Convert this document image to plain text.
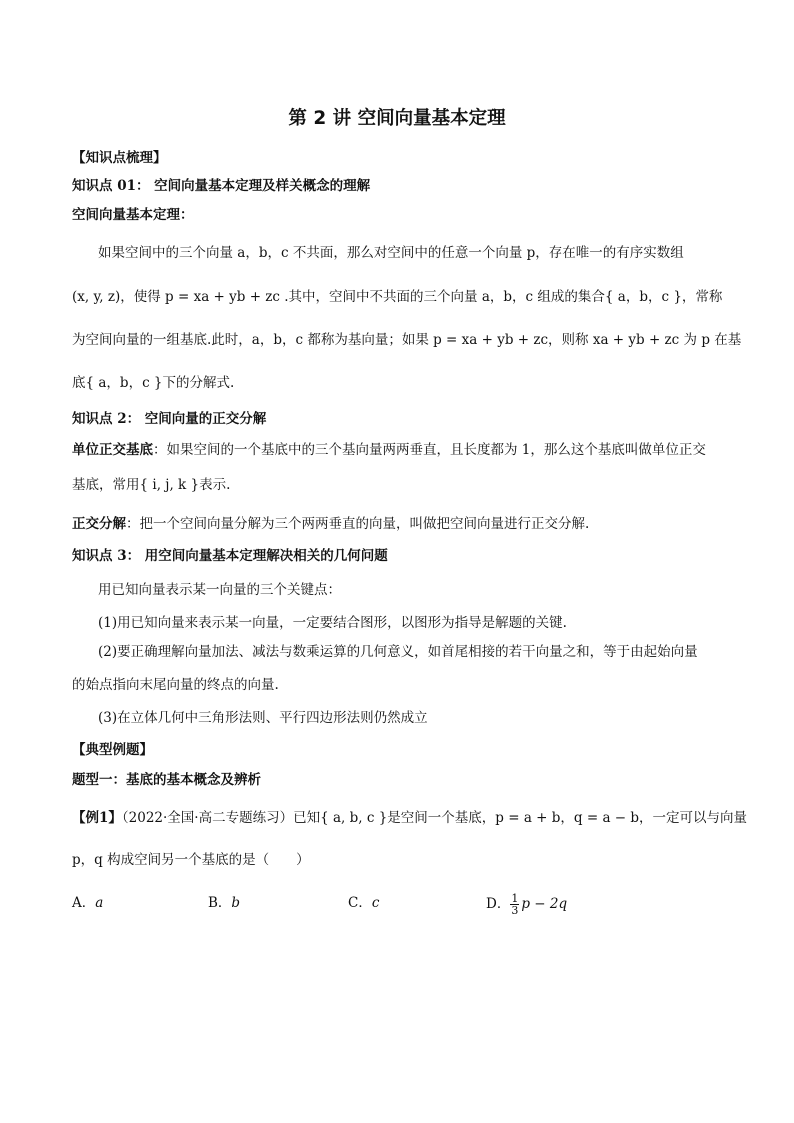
第 2 讲 空间向量基本定理
【知识点梳理】
知识点 01： 空间向量基本定理及样关概念的理解
空间向量基本定理：
如果空间中的三个向量 a，b，c 不共面，那么对空间中的任意一个向量 p，存在唯一的有序实数组
(x, y, z)，使得 p = xa + yb + zc .其中，空间中不共面的三个向量 a，b，c 组成的集合{ a，b，c }，常称
为空间向量的一组基底.此时，a，b，c 都称为基向量；如果 p = xa + yb + zc，则称 xa + yb + zc 为 p 在基
底{ a，b，c }下的分解式.
知识点 2： 空间向量的正交分解
单位正交基底：如果空间的一个基底中的三个基向量两两垂直，且长度都为 1，那么这个基底叫做单位正交
基底，常用{ i, j, k }表示.
正交分解：把一个空间向量分解为三个两两垂直的向量，叫做把空间向量进行正交分解.
知识点 3： 用空间向量基本定理解决相关的几何问题
用已知向量表示某一向量的三个关键点：
(1)用已知向量来表示某一向量，一定要结合图形，以图形为指导是解题的关键.
(2)要正确理解向量加法、减法与数乘运算的几何意义，如首尾相接的若干向量之和，等于由起始向量
的始点指向末尾向量的终点的向量.
(3)在立体几何中三角形法则、平行四边形法则仍然成立
【典型例题】
题型一：基底的基本概念及辨析
【例1】（2022·全国·高二专题练习）已知{ a, b, c }是空间一个基底，p = a + b，q = a − b，一定可以与向量
p，q 构成空间另一个基底的是（　　）
A．a	B．b	C．c	D． $\frac{1}{3}$ p − 2q
